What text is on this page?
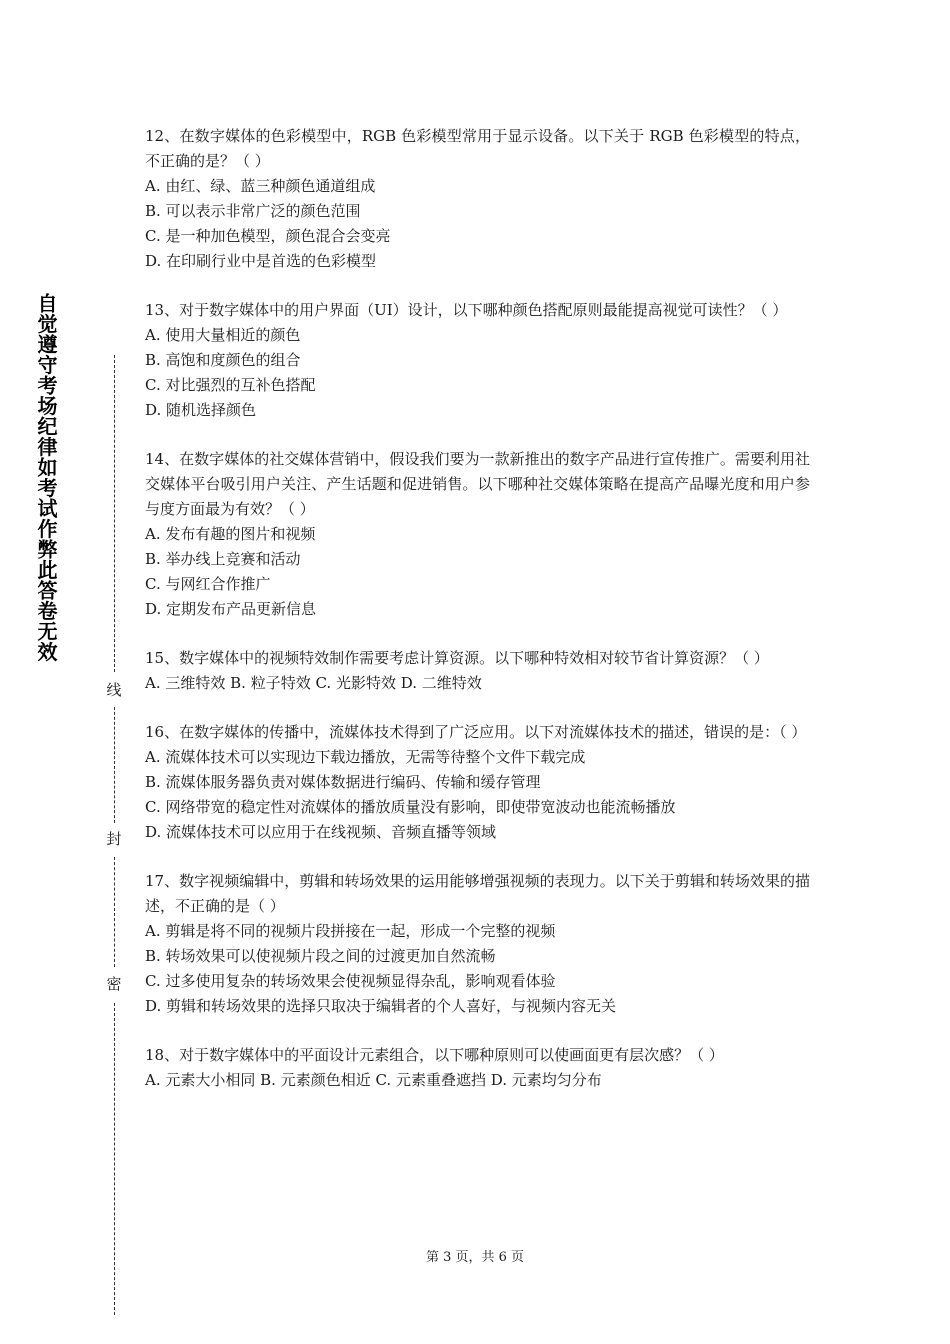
自觉遵守考场纪律如考试作弊此答卷无效
线
封
密
12、在数字媒体的色彩模型中，RGB 色彩模型常用于显示设备。以下关于 RGB 色彩模型的特点，不正确的是？（ ）
A. 由红、绿、蓝三种颜色通道组成
B. 可以表示非常广泛的颜色范围
C. 是一种加色模型，颜色混合会变亮
D. 在印刷行业中是首选的色彩模型
13、对于数字媒体中的用户界面（UI）设计，以下哪种颜色搭配原则最能提高视觉可读性？（ ）
A. 使用大量相近的颜色
B. 高饱和度颜色的组合
C. 对比强烈的互补色搭配
D. 随机选择颜色
14、在数字媒体的社交媒体营销中，假设我们要为一款新推出的数字产品进行宣传推广。需要利用社交媒体平台吸引用户关注、产生话题和促进销售。以下哪种社交媒体策略在提高产品曝光度和用户参与度方面最为有效？（ ）
A. 发布有趣的图片和视频
B. 举办线上竞赛和活动
C. 与网红合作推广
D. 定期发布产品更新信息
15、数字媒体中的视频特效制作需要考虑计算资源。以下哪种特效相对较节省计算资源？（ ）
A. 三维特效 B. 粒子特效 C. 光影特效 D. 二维特效
16、在数字媒体的传播中，流媒体技术得到了广泛应用。以下对流媒体技术的描述，错误的是：（ ）
A. 流媒体技术可以实现边下载边播放，无需等待整个文件下载完成
B. 流媒体服务器负责对媒体数据进行编码、传输和缓存管理
C. 网络带宽的稳定性对流媒体的播放质量没有影响，即使带宽波动也能流畅播放
D. 流媒体技术可以应用于在线视频、音频直播等领域
17、数字视频编辑中，剪辑和转场效果的运用能够增强视频的表现力。以下关于剪辑和转场效果的描述，不正确的是（ ）
A. 剪辑是将不同的视频片段拼接在一起，形成一个完整的视频
B. 转场效果可以使视频片段之间的过渡更加自然流畅
C. 过多使用复杂的转场效果会使视频显得杂乱，影响观看体验
D. 剪辑和转场效果的选择只取决于编辑者的个人喜好，与视频内容无关
18、对于数字媒体中的平面设计元素组合，以下哪种原则可以使画面更有层次感？（ ）
A. 元素大小相同 B. 元素颜色相近 C. 元素重叠遮挡 D. 元素均匀分布
第 3 页，共 6 页
